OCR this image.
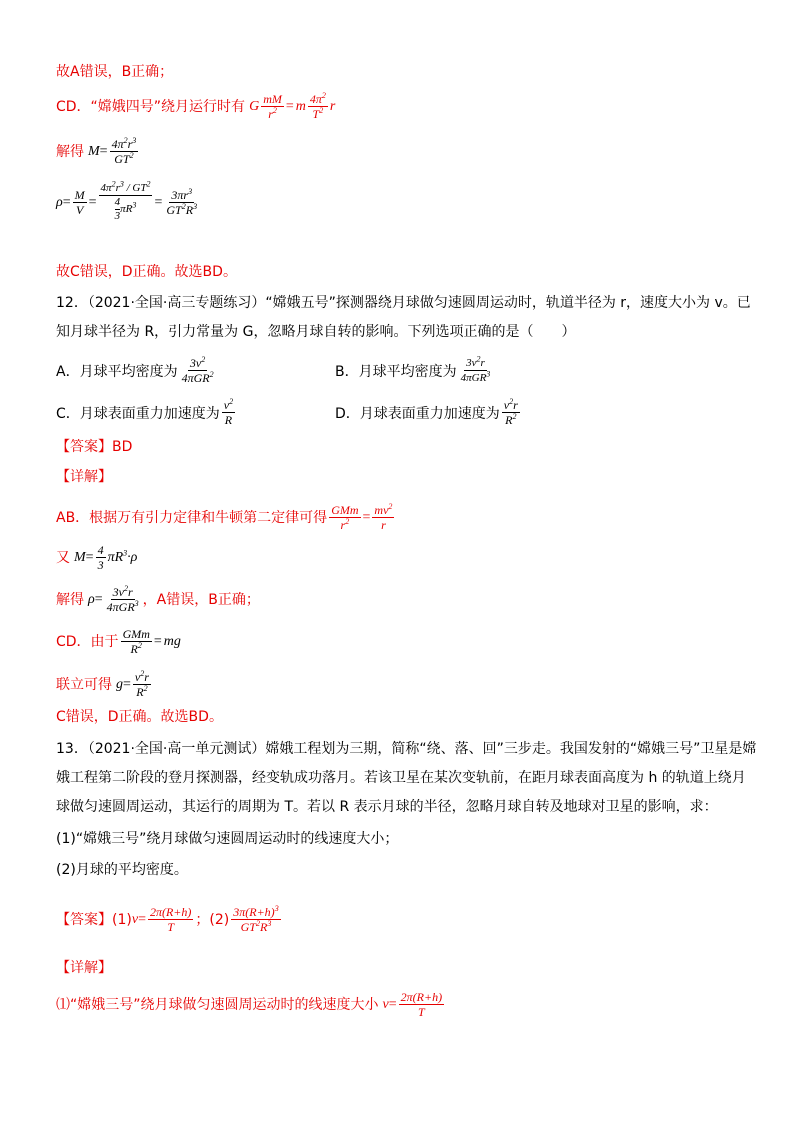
故A错误，B正确；
CD．“嫦娥四号”绕月运行时有 G $\frac{mM}{r^2} = m \frac{4\pi^2}{T^2}$ r
解得 $M = \frac{4\pi^2r^3}{GT^2}$
$\rho = \frac{M}{V} = \frac{4\pi^2r^3 / GT^2}{\frac{4}{3} \pi R^3} = \frac{3\pi r^3}{GT^2R^3}$
故C错误，D正确。故选BD。
12．（2021·全国·高三专题练习）“嫦娥五号”探测器绕月球做匀速圆周运动时，轨道半径为 r，速度大小为 v。已
知月球半径为 R，引力常量为 G，忽略月球自转的影响。下列选项正确的是（　　）
A．月球平均密度为 $\frac{3v^2}{4\pi GR^2}$	B．月球平均密度为 $\frac{3v^2r}{4\pi GR^3}$
C．月球表面重力加速度为 $\frac{v^2}{R}$	D．月球表面重力加速度为 $\frac{v^2r}{R^2}$
【答案】BD
【详解】
AB．根据万有引力定律和牛顿第二定律可得 $\frac{\text{GMm}}{r^2} = \frac{mv^2}{r}$
又 $M = \frac{4}{3} \pi R^3\cdot\rho$
解得 $\rho = \frac{3v^2r}{4\pi GR^3}$ ，A错误，B正确；
CD．由于 $\frac{\text{GMm}}{R^2}$ = mg
联立可得 $g = \frac{v^2r}{R^2}$
C错误，D正确。故选BD。
13．（2021·全国·高一单元测试）嫦娥工程划为三期，简称“绕、落、回”三步走。我国发射的“嫦娥三号”卫星是嫦
娥工程第二阶段的登月探测器，经变轨成功落月。若该卫星在某次变轨前，在距月球表面高度为 h 的轨道上绕月
球做匀速圆周运动，其运行的周期为 T。若以 R 表示月球的半径，忽略月球自转及地球对卫星的影响，求：
(1)“嫦娥三号”绕月球做匀速圆周运动时的线速度大小；
(2)月球的平均密度。
【答案】 (1) $v = \frac{2\pi(R+h)}{T}$ ；$(2) \frac{3\pi(R+h)^3}{GT^2R^3}$
【详解】
⑴“嫦娥三号”绕月球做匀速圆周运动时的线速度大小 $v = \frac{2\pi(R+h)}{T}$
